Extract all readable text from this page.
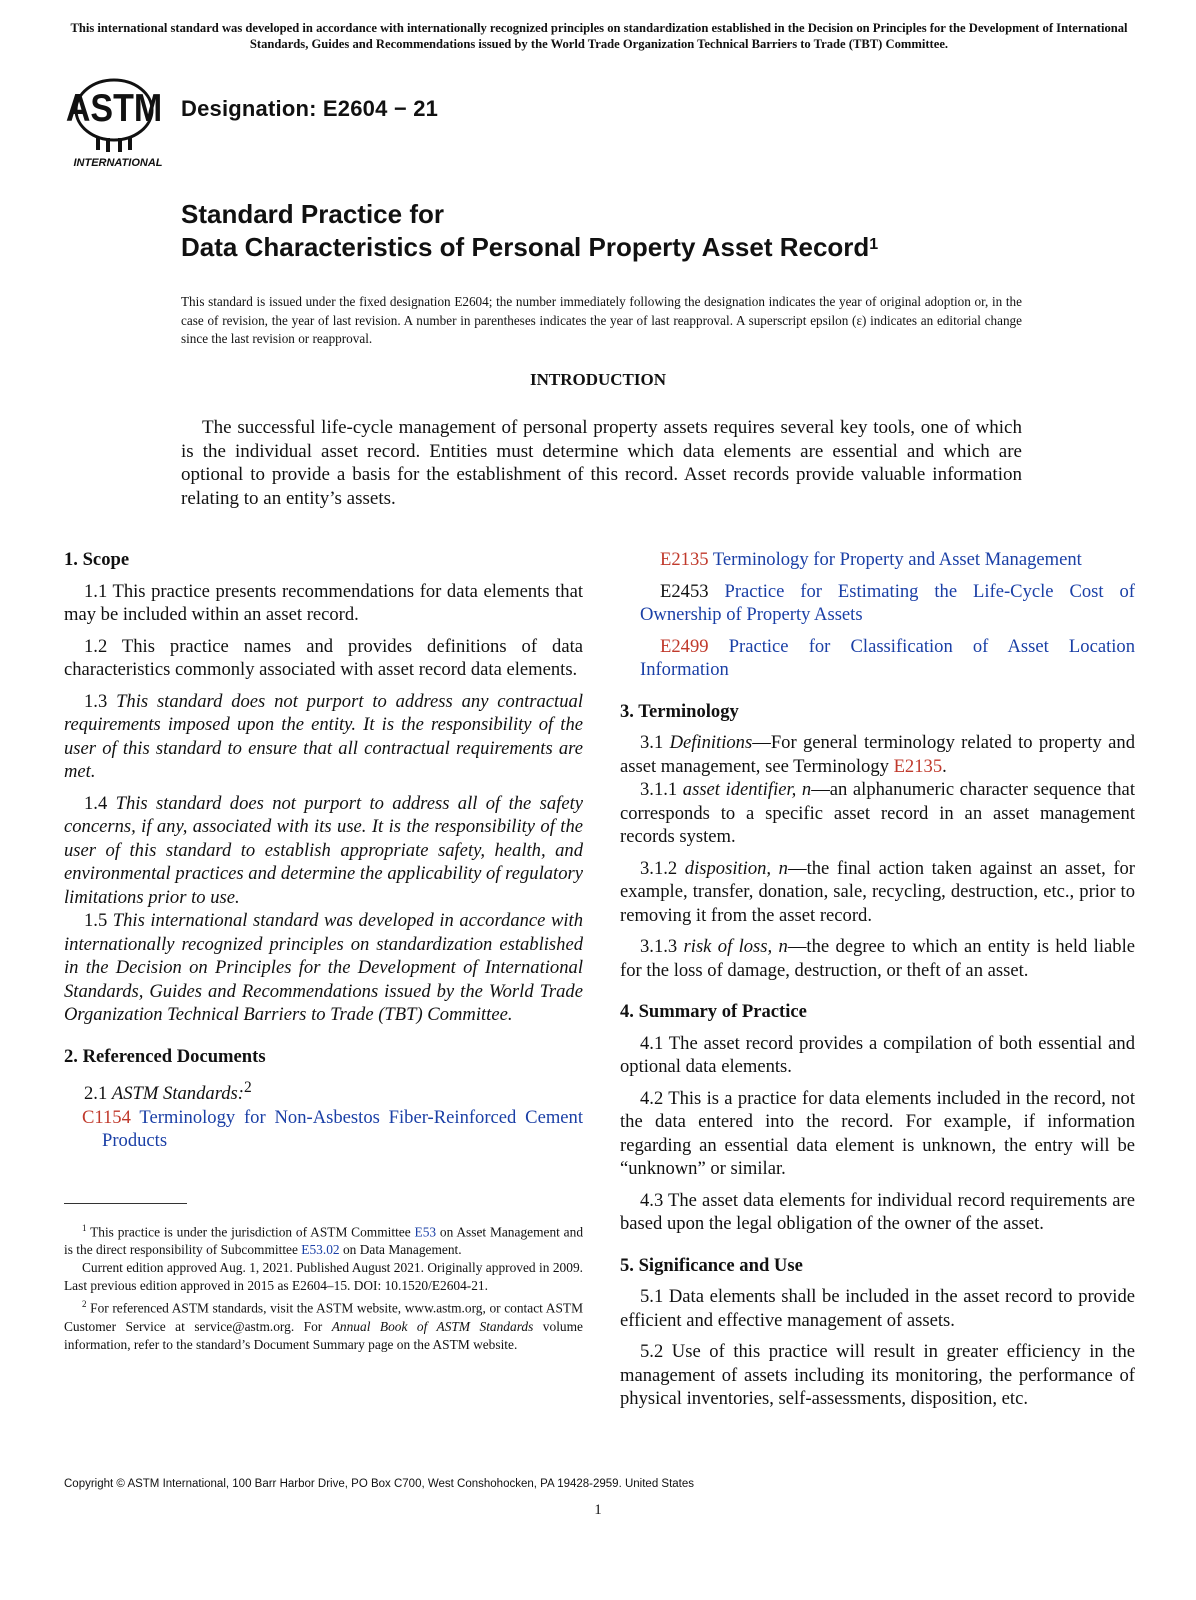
This international standard was developed in accordance with internationally recognized principles on standardization established in the Decision on Principles for the Development of International Standards, Guides and Recommendations issued by the World Trade Organization Technical Barriers to Trade (TBT) Committee.
ASTM
INTERNATIONAL
Designation: E2604 − 21
Standard Practice for
Data Characteristics of Personal Property Asset Record$^1$
This standard is issued under the fixed designation E2604; the number immediately following the designation indicates the year of original adoption or, in the case of revision, the year of last revision. A number in parentheses indicates the year of last reapproval. A superscript epsilon (ε) indicates an editorial change since the last revision or reapproval.
INTRODUCTION
The successful life-cycle management of personal property assets requires several key tools, one of which is the individual asset record. Entities must determine which data elements are essential and which are optional to provide a basis for the establishment of this record. Asset records provide valuable information relating to an entity’s assets.
1. Scope

1.1 This practice presents recommendations for data elements that may be included within an asset record.

1.2 This practice names and provides definitions of data characteristics commonly associated with asset record data elements.

1.3 This standard does not purport to address any contractual requirements imposed upon the entity. It is the responsibility of the user of this standard to ensure that all contractual requirements are met.

1.4 This standard does not purport to address all of the safety concerns, if any, associated with its use. It is the responsibility of the user of this standard to establish appropriate safety, health, and environmental practices and determine the applicability of regulatory limitations prior to use.

1.5 This international standard was developed in accordance with internationally recognized principles on standardization established in the Decision on Principles for the Development of International Standards, Guides and Recommendations issued by the World Trade Organization Technical Barriers to Trade (TBT) Committee.

2. Referenced Documents

2.1 ASTM Standards:$^2$

C1154 Terminology for Non-Asbestos Fiber-Reinforced Cement Products

E2135 Terminology for Property and Asset Management

E2453 Practice for Estimating the Life-Cycle Cost of Ownership of Property Assets

E2499 Practice for Classification of Asset Location Information

3. Terminology

3.1 Definitions—For general terminology related to property and asset management, see Terminology E2135.

3.1.1 asset identifier, n—an alphanumeric character sequence that corresponds to a specific asset record in an asset management records system.

3.1.2 disposition, n—the final action taken against an asset, for example, transfer, donation, sale, recycling, destruction, etc., prior to removing it from the asset record.

3.1.3 risk of loss, n—the degree to which an entity is held liable for the loss of damage, destruction, or theft of an asset.

4. Summary of Practice

4.1 The asset record provides a compilation of both essential and optional data elements.

4.2 This is a practice for data elements included in the record, not the data entered into the record. For example, if information regarding an essential data element is unknown, the entry will be “unknown” or similar.

4.3 The asset data elements for individual record requirements are based upon the legal obligation of the owner of the asset.

5. Significance and Use

5.1 Data elements shall be included in the asset record to provide efficient and effective management of assets.

5.2 Use of this practice will result in greater efficiency in the management of assets including its monitoring, the performance of physical inventories, self-assessments, disposition, etc.

$^1$ This practice is under the jurisdiction of ASTM Committee E53 on Asset Management and is the direct responsibility of Subcommittee E53.02 on Data Management.

Current edition approved Aug. 1, 2021. Published August 2021. Originally approved in 2009. Last previous edition approved in 2015 as E2604–15. DOI: 10.1520/E2604-21.

$^2$ For referenced ASTM standards, visit the ASTM website, www.astm.org, or contact ASTM Customer Service at service@astm.org. For Annual Book of ASTM Standards volume information, refer to the standard’s Document Summary page on the ASTM website.

Copyright © ASTM International, 100 Barr Harbor Drive, PO Box C700, West Conshohocken, PA 19428-2959. United States
1
